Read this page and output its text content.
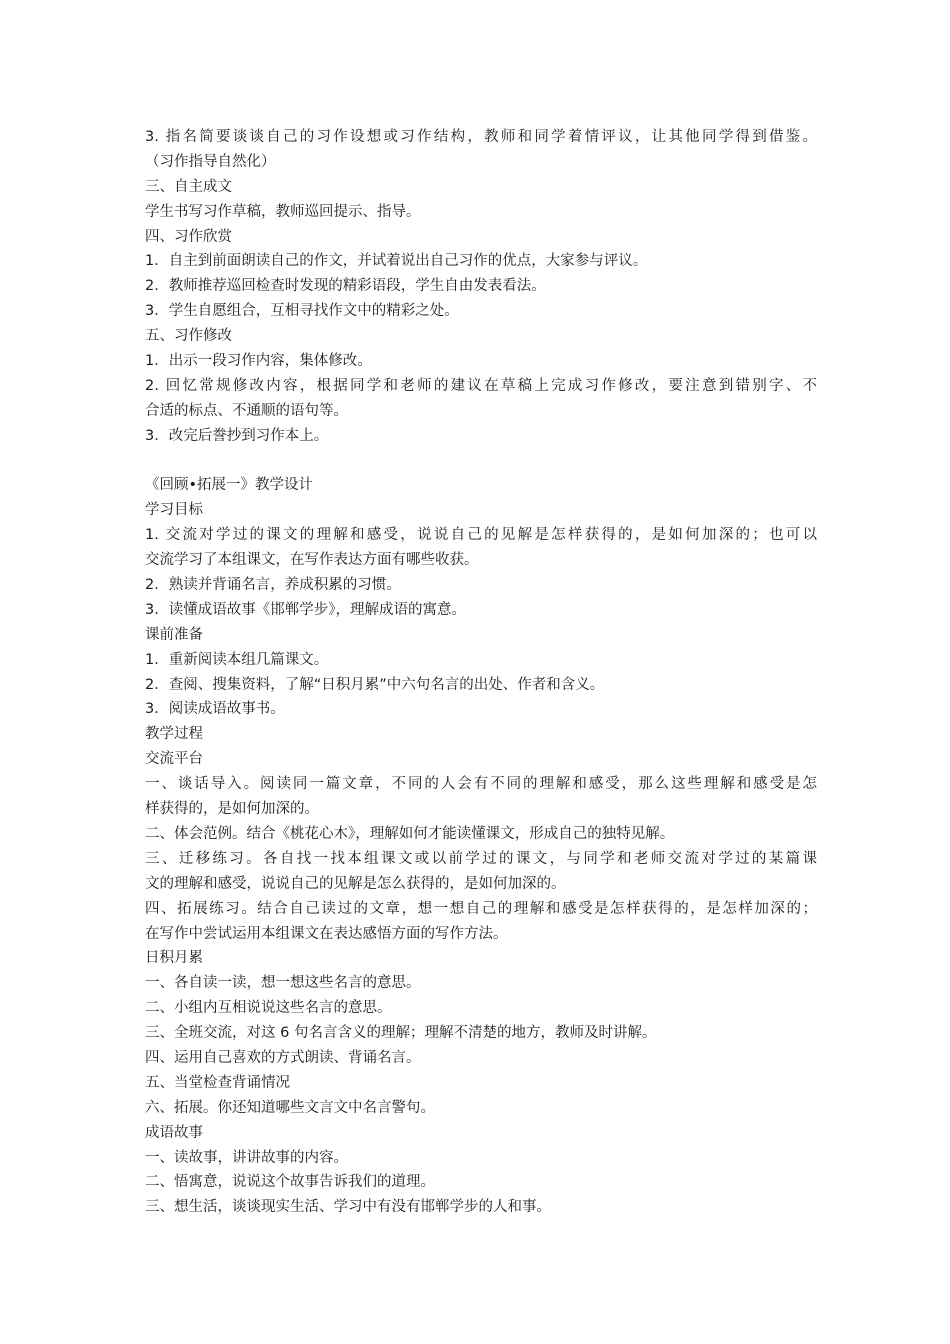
3. 指名简要谈谈自己的习作设想或习作结构，教师和同学着情评议，让其他同学得到借鉴。
（习作指导自然化）
三、自主成文
学生书写习作草稿，教师巡回提示、指导。
四、习作欣赏
1．自主到前面朗读自己的作文，并试着说出自己习作的优点，大家参与评议。
2．教师推荐巡回检查时发现的精彩语段，学生自由发表看法。
3．学生自愿组合，互相寻找作文中的精彩之处。
五、习作修改
1．出示一段习作内容，集体修改。
2. 回忆常规修改内容，根据同学和老师的建议在草稿上完成习作修改，要注意到错别字、不
合适的标点、不通顺的语句等。
3．改完后誊抄到习作本上。
《回顾•拓展一》教学设计
学习目标
1. 交流对学过的课文的理解和感受，说说自己的见解是怎样获得的，是如何加深的；也可以
交流学习了本组课文，在写作表达方面有哪些收获。
2．熟读并背诵名言，养成积累的习惯。
3．读懂成语故事《邯郸学步》，理解成语的寓意。
课前准备
1．重新阅读本组几篇课文。
2．查阅、搜集资料，了解“日积月累”中六句名言的出处、作者和含义。
3．阅读成语故事书。
教学过程
交流平台
一、谈话导入。阅读同一篇文章，不同的人会有不同的理解和感受，那么这些理解和感受是怎
样获得的，是如何加深的。
二、体会范例。结合《桃花心木》，理解如何才能读懂课文，形成自己的独特见解。
三、迁移练习。各自找一找本组课文或以前学过的课文，与同学和老师交流对学过的某篇课
文的理解和感受，说说自己的见解是怎么获得的，是如何加深的。
四、拓展练习。结合自己读过的文章，想一想自己的理解和感受是怎样获得的，是怎样加深的；
在写作中尝试运用本组课文在表达感悟方面的写作方法。
日积月累
一、各自读一读，想一想这些名言的意思。
二、小组内互相说说这些名言的意思。
三、全班交流，对这 6 句名言含义的理解；理解不清楚的地方，教师及时讲解。
四、运用自己喜欢的方式朗读、背诵名言。
五、当堂检查背诵情况
六、拓展。你还知道哪些文言文中名言警句。
成语故事
一、读故事，讲讲故事的内容。
二、悟寓意，说说这个故事告诉我们的道理。
三、想生活，谈谈现实生活、学习中有没有邯郸学步的人和事。
